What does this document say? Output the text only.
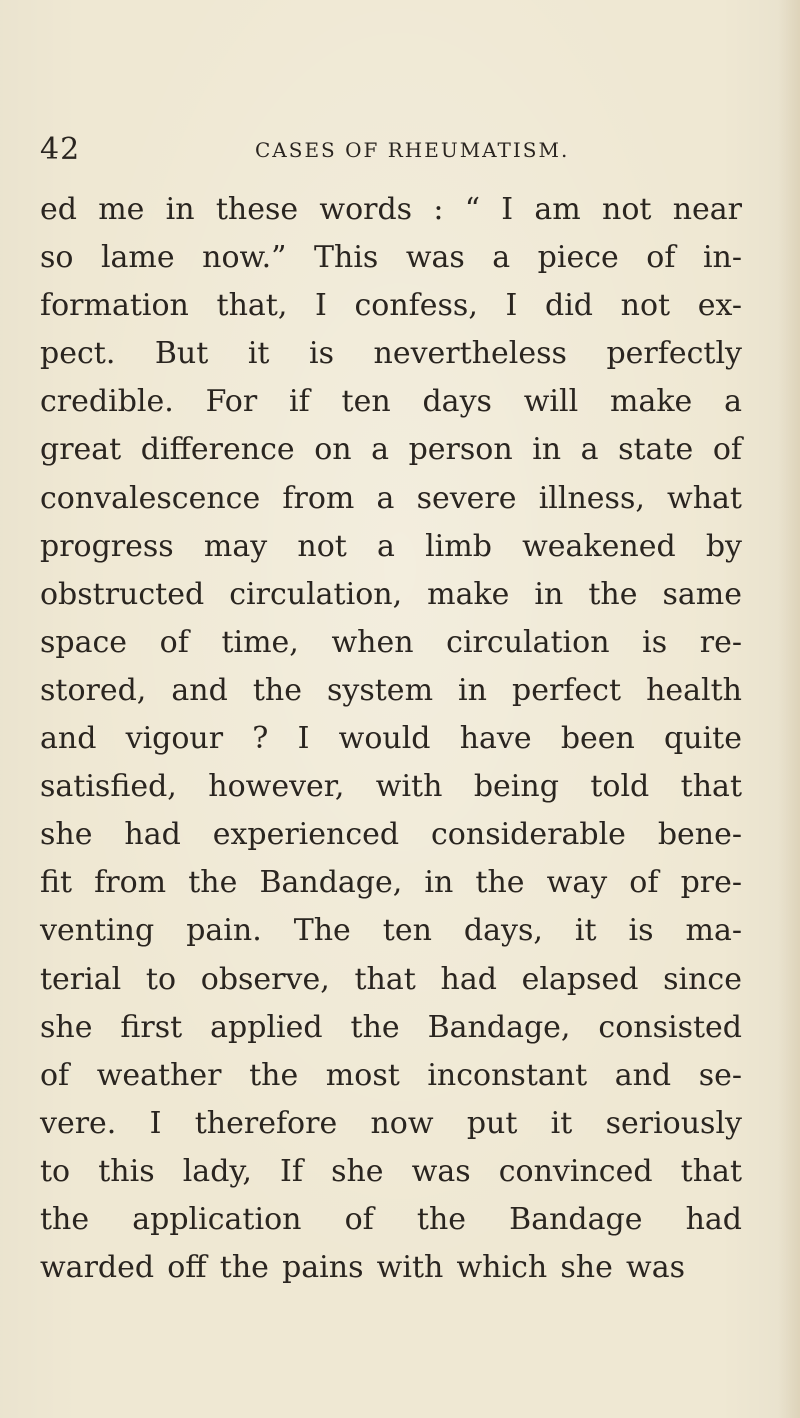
42	CASES OF RHEUMATISM.
ed me in these words : “ I am not near
so lame now.” This was a piece of in-
formation that, I confess, I did not ex-
pect. But it is nevertheless perfectly
credible. For if ten days will make a
great difference on a person in a state of
convalescence from a severe illness, what
progress may not a limb weakened by
obstructed circulation, make in the same
space of time, when circulation is re-
stored, and the system in perfect health
and vigour ? I would have been quite
satisfied, however, with being told that
she had experienced considerable bene-
fit from the Bandage, in the way of pre-
venting pain. The ten days, it is ma-
terial to observe, that had elapsed since
she first applied the Bandage, consisted
of weather the most inconstant and se-
vere. I therefore now put it seriously
to this lady, If she was convinced that
the application of the Bandage had
warded off the pains with which she was
